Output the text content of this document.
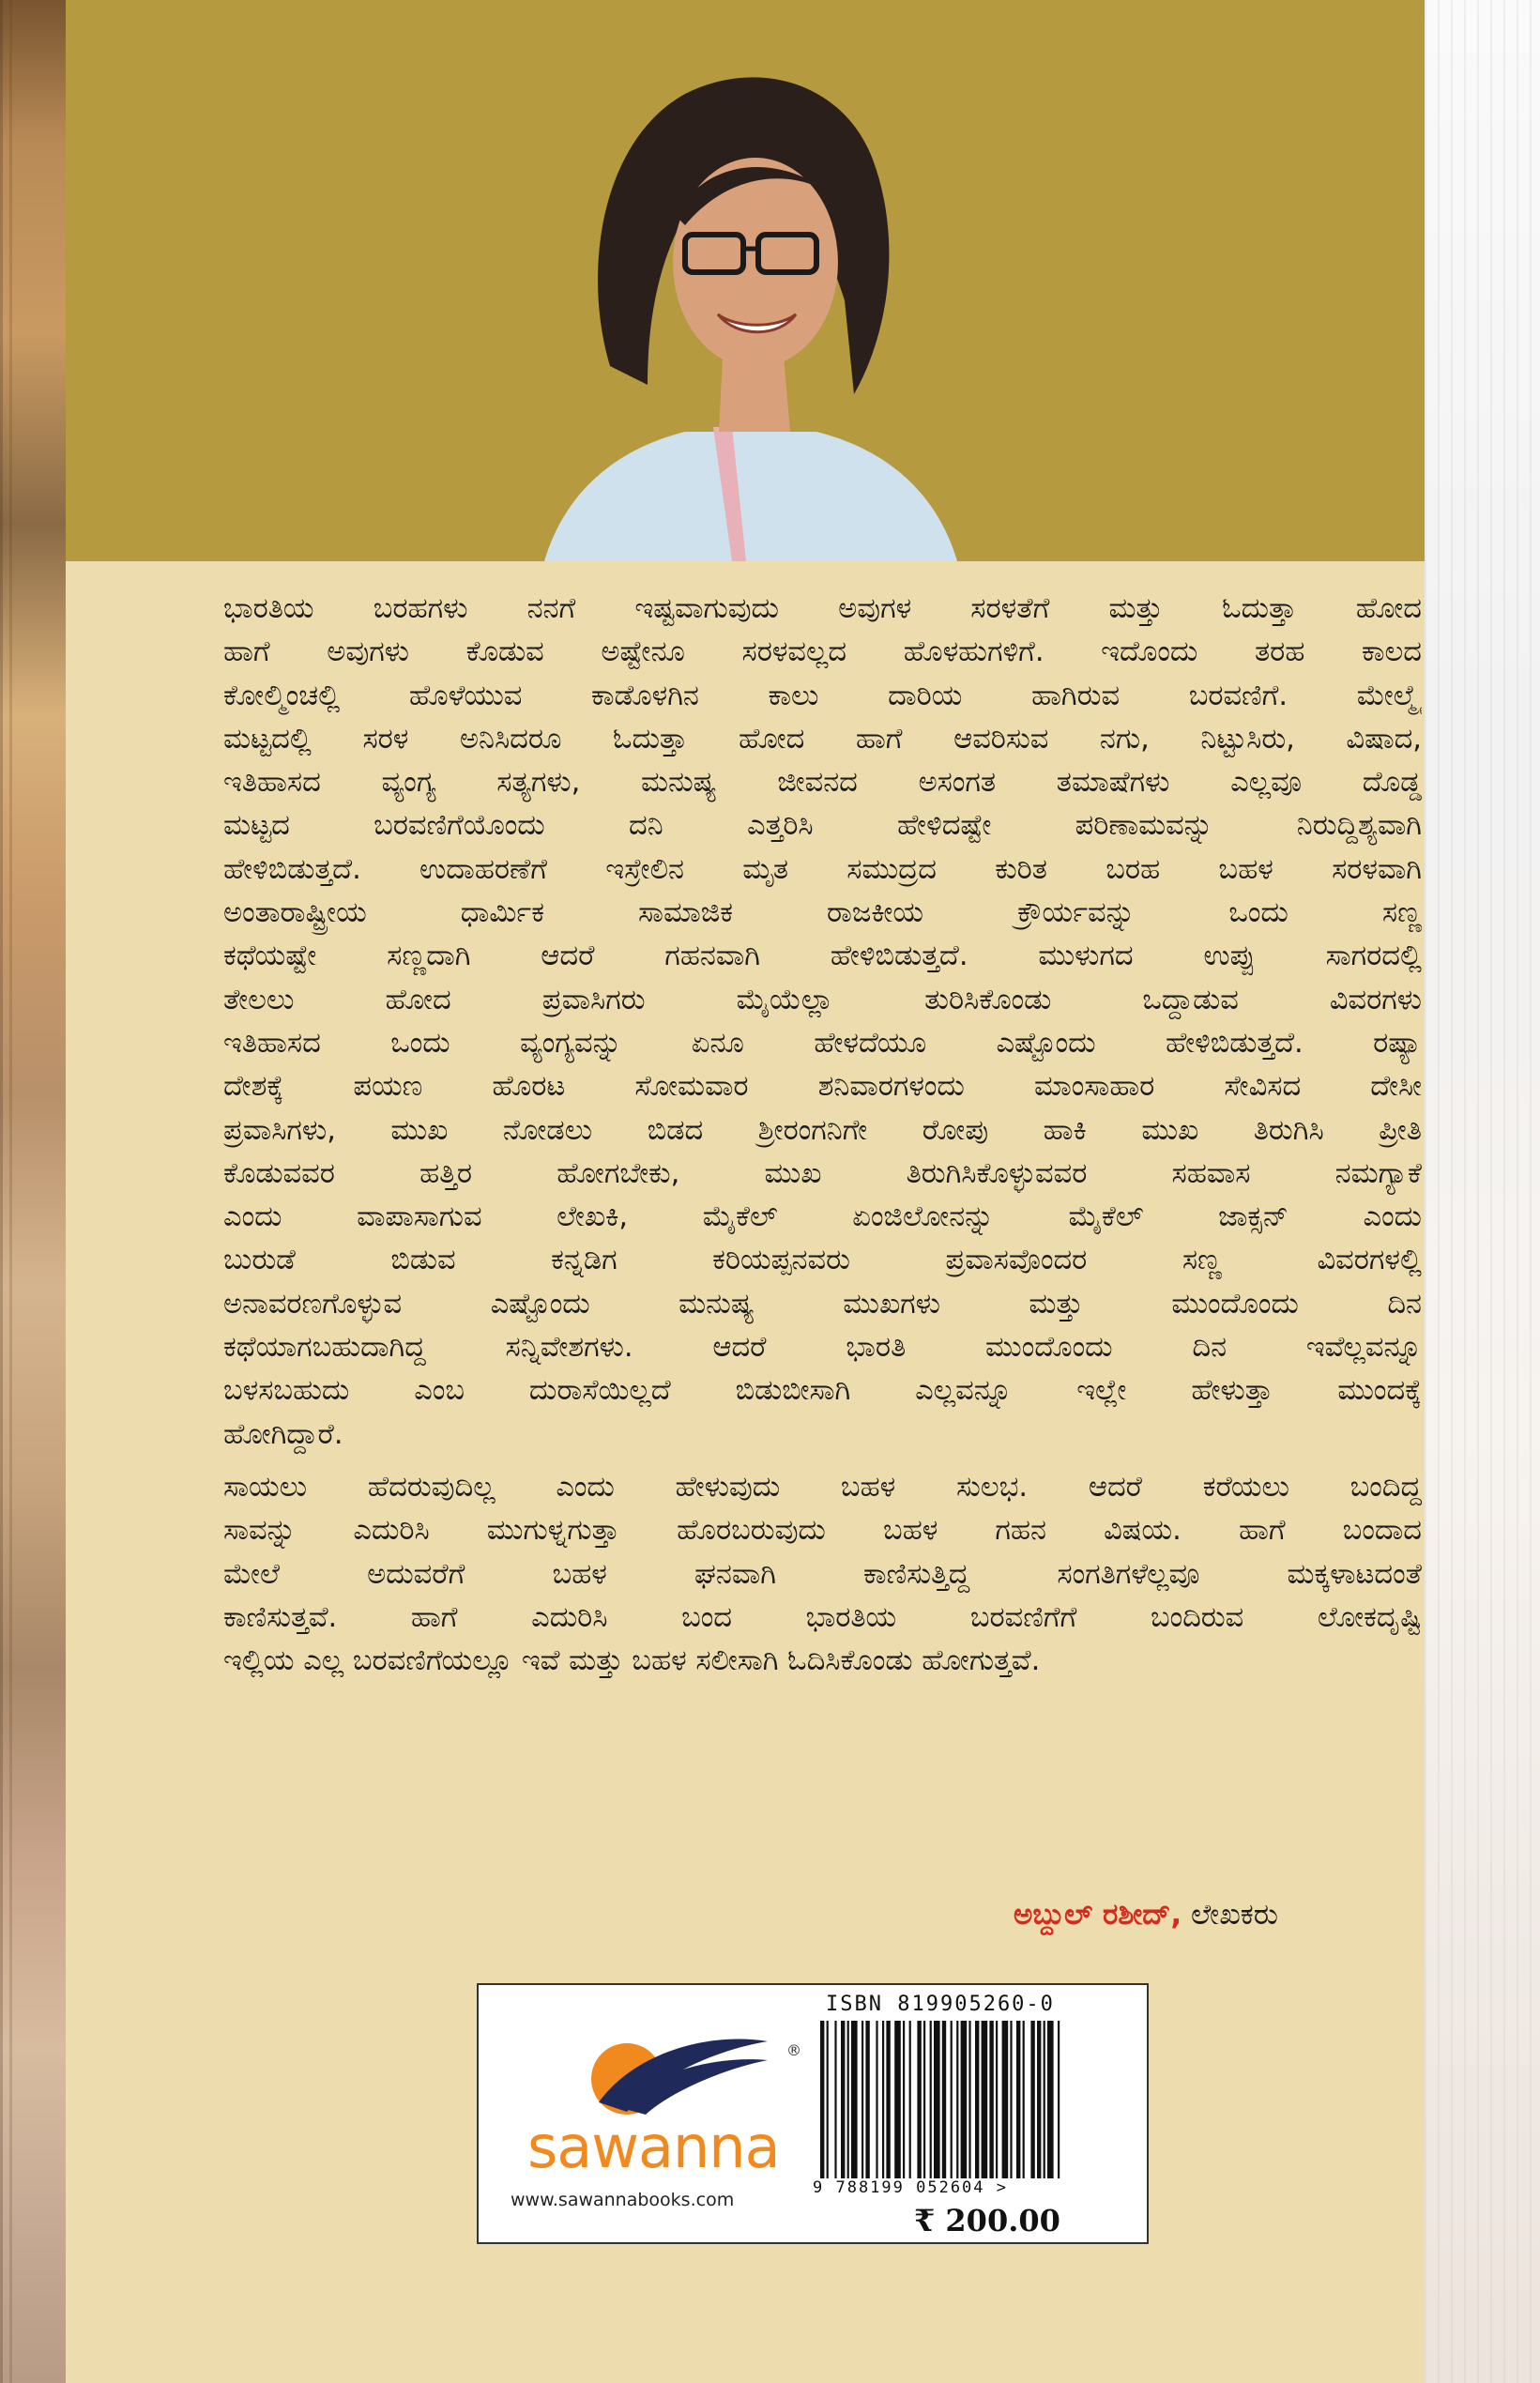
ಭಾರತಿಯ ಬರಹಗಳು ನನಗೆ ಇಷ್ಟವಾಗುವುದು ಅವುಗಳ ಸರಳತೆಗೆ ಮತ್ತು ಓದುತ್ತಾ ಹೋದ
ಹಾಗೆ ಅವುಗಳು ಕೊಡುವ ಅಷ್ಟೇನೂ ಸರಳವಲ್ಲದ ಹೊಳಹುಗಳಿಗೆ. ಇದೊಂದು ತರಹ ಕಾಲದ
ಕೋಲ್ಮಿಂಚಲ್ಲಿ ಹೊಳೆಯುವ ಕಾಡೊಳಗಿನ ಕಾಲು ದಾರಿಯ ಹಾಗಿರುವ ಬರವಣಿಗೆ. ಮೇಲ್ಮೈ
ಮಟ್ಟದಲ್ಲಿ ಸರಳ ಅನಿಸಿದರೂ ಓದುತ್ತಾ ಹೋದ ಹಾಗೆ ಆವರಿಸುವ ನಗು, ನಿಟ್ಟುಸಿರು, ವಿಷಾದ,
ಇತಿಹಾಸದ ವ್ಯಂಗ್ಯ ಸತ್ಯಗಳು, ಮನುಷ್ಯ ಜೀವನದ ಅಸಂಗತ ತಮಾಷೆಗಳು ಎಲ್ಲವೂ ದೊಡ್ಡ
ಮಟ್ಟದ ಬರವಣಿಗೆಯೊಂದು ದನಿ ಎತ್ತರಿಸಿ ಹೇಳಿದಷ್ಟೇ ಪರಿಣಾಮವನ್ನು ನಿರುದ್ದಿಶ್ಯವಾಗಿ
ಹೇಳಿಬಿಡುತ್ತದೆ. ಉದಾಹರಣೆಗೆ ಇಸ್ರೇಲಿನ ಮೃತ ಸಮುದ್ರದ ಕುರಿತ ಬರಹ ಬಹಳ ಸರಳವಾಗಿ
ಅಂತಾರಾಷ್ಟ್ರೀಯ ಧಾರ್ಮಿಕ ಸಾಮಾಜಿಕ ರಾಜಕೀಯ ಕ್ರೌರ್ಯವನ್ನು ಒಂದು ಸಣ್ಣ
ಕಥೆಯಷ್ಟೇ ಸಣ್ಣದಾಗಿ ಆದರೆ ಗಹನವಾಗಿ ಹೇಳಿಬಿಡುತ್ತದೆ. ಮುಳುಗದ ಉಪ್ಪು ಸಾಗರದಲ್ಲಿ
ತೇಲಲು ಹೋದ ಪ್ರವಾಸಿಗರು ಮೈಯೆಲ್ಲಾ ತುರಿಸಿಕೊಂಡು ಒದ್ದಾಡುವ ವಿವರಗಳು
ಇತಿಹಾಸದ ಒಂದು ವ್ಯಂಗ್ಯವನ್ನು ಏನೂ ಹೇಳದೆಯೂ ಎಷ್ಟೊಂದು ಹೇಳಿಬಿಡುತ್ತದೆ. ರಷ್ಯಾ
ದೇಶಕ್ಕೆ ಪಯಣ ಹೊರಟ ಸೋಮವಾರ ಶನಿವಾರಗಳಂದು ಮಾಂಸಾಹಾರ ಸೇವಿಸದ ದೇಸೀ
ಪ್ರವಾಸಿಗಳು, ಮುಖ ನೋಡಲು ಬಿಡದ ಶ್ರೀರಂಗನಿಗೇ ರೋಪು ಹಾಕಿ ಮುಖ ತಿರುಗಿಸಿ ಪ್ರೀತಿ
ಕೊಡುವವರ ಹತ್ತಿರ ಹೋಗಬೇಕು, ಮುಖ ತಿರುಗಿಸಿಕೊಳ್ಳುವವರ ಸಹವಾಸ ನಮಗ್ಯಾಕೆ
ಎಂದು ವಾಪಾಸಾಗುವ ಲೇಖಕಿ, ಮೈಕೆಲ್ ಏಂಜಿಲೋನನ್ನು ಮೈಕೆಲ್ ಜಾಕ್ಸನ್ ಎಂದು
ಬುರುಡೆ ಬಿಡುವ ಕನ್ನಡಿಗ ಕರಿಯಪ್ಪನವರು ಪ್ರವಾಸವೊಂದರ ಸಣ್ಣ ವಿವರಗಳಲ್ಲಿ
ಅನಾವರಣಗೊಳ್ಳುವ ಎಷ್ಟೊಂದು ಮನುಷ್ಯ ಮುಖಗಳು ಮತ್ತು ಮುಂದೊಂದು ದಿನ
ಕಥೆಯಾಗಬಹುದಾಗಿದ್ದ ಸನ್ನಿವೇಶಗಳು. ಆದರೆ ಭಾರತಿ ಮುಂದೊಂದು ದಿನ ಇವೆಲ್ಲವನ್ನೂ
ಬಳಸಬಹುದು ಎಂಬ ದುರಾಸೆಯಿಲ್ಲದೆ ಬಿಡುಬೀಸಾಗಿ ಎಲ್ಲವನ್ನೂ ಇಲ್ಲೇ ಹೇಳುತ್ತಾ ಮುಂದಕ್ಕೆ
ಹೋಗಿದ್ದಾರೆ.
ಸಾಯಲು ಹೆದರುವುದಿಲ್ಲ ಎಂದು ಹೇಳುವುದು ಬಹಳ ಸುಲಭ. ಆದರೆ ಕರೆಯಲು ಬಂದಿದ್ದ
ಸಾವನ್ನು ಎದುರಿಸಿ ಮುಗುಳ್ನಗುತ್ತಾ ಹೊರಬರುವುದು ಬಹಳ ಗಹನ ವಿಷಯ. ಹಾಗೆ ಬಂದಾದ
ಮೇಲೆ ಅದುವರೆಗೆ ಬಹಳ ಘನವಾಗಿ ಕಾಣಿಸುತ್ತಿದ್ದ ಸಂಗತಿಗಳೆಲ್ಲವೂ ಮಕ್ಕಳಾಟದಂತೆ
ಕಾಣಿಸುತ್ತವೆ. ಹಾಗೆ ಎದುರಿಸಿ ಬಂದ ಭಾರತಿಯ ಬರವಣಿಗೆಗೆ ಬಂದಿರುವ ಲೋಕದೃಷ್ಟಿ
ಇಲ್ಲಿಯ ಎಲ್ಲ ಬರವಣಿಗೆಯಲ್ಲೂ ಇವೆ ಮತ್ತು ಬಹಳ ಸಲೀಸಾಗಿ ಓದಿಸಿಕೊಂಡು ಹೋಗುತ್ತವೆ.
ಅಬ್ದುಲ್ ರಶೀದ್, ಲೇಖಕರು
sawanna
www.sawannabooks.com
®
ISBN 819905260-0
9 788199 052604 >
₹ 200.00
